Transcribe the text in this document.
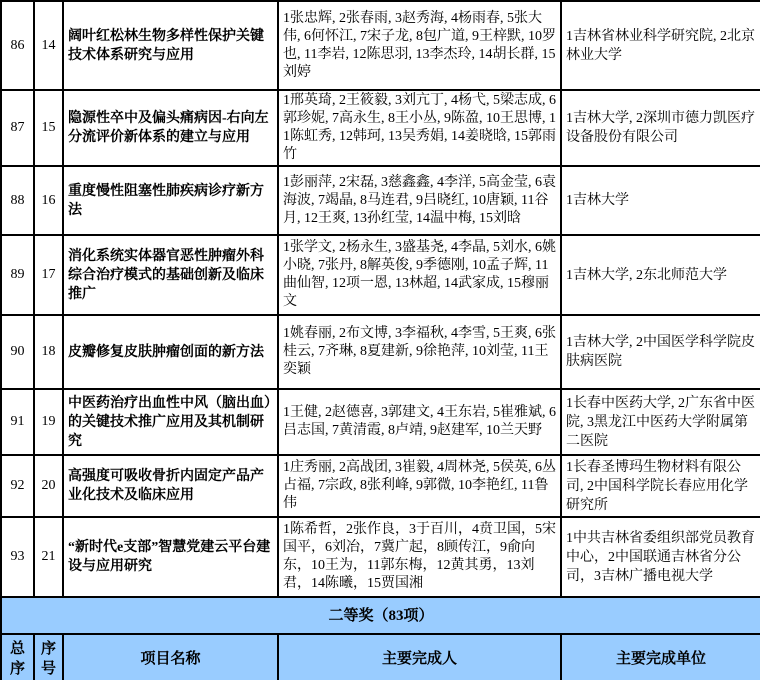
86	14	阔叶红松林生物多样性保护关键技术体系研究与应用	1张忠辉, 2张春雨, 3赵秀海, 4杨雨春, 5张大伟, 6何怀江, 7宋子龙, 8包广道, 9王梓默, 10罗也, 11李岩, 12陈思羽, 13李杰玲, 14胡长群, 15刘婷	1吉林省林业科学研究院, 2北京林业大学
87	15	隐源性卒中及偏头痛病因-右向左分流评价新体系的建立与应用	1邢英琦, 2王筱毅, 3刘亢丁, 4杨弋, 5梁志成, 6郭珍妮, 7高永生, 8王小丛, 9陈盈, 10王思博, 11陈虹秀, 12韩珂, 13吴秀娟, 14姜晓晗, 15郭雨竹	1吉林大学, 2深圳市德力凯医疗设备股份有限公司
88	16	重度慢性阻塞性肺疾病诊疗新方法	1彭丽萍, 2宋磊, 3慈鑫鑫, 4李洋, 5高金莹, 6袁海波, 7竭晶, 8马连君, 9吕晓红, 10唐颖, 11谷月, 12王爽, 13孙红莹, 14温中梅, 15刘晗	1吉林大学
89	17	消化系统实体器官恶性肿瘤外科综合治疗模式的基础创新及临床推广	1张学文, 2杨永生, 3盛基尧, 4李晶, 5刘水, 6姚小晓, 7张丹, 8解英俊, 9季德刚, 10孟子辉, 11曲仙智, 12项一恩, 13林超, 14武家成, 15穆丽文	1吉林大学, 2东北师范大学
90	18	皮瓣修复皮肤肿瘤创面的新方法	1姚春丽, 2布文博, 3李福秋, 4李雪, 5王爽, 6张桂云, 7齐琳, 8夏建新, 9徐艳萍, 10刘莹, 11王奕颖	1吉林大学, 2中国医学科学院皮肤病医院
91	19	中医药治疗出血性中风（脑出血）的关键技术推广应用及其机制研究	1王健, 2赵德喜, 3郭建文, 4王东岩, 5崔雅斌, 6吕志国, 7黄清霞, 8卢靖, 9赵建军, 10兰天野	1长春中医药大学, 2广东省中医院, 3黑龙江中医药大学附属第二医院
92	20	高强度可吸收骨折内固定产品产业化技术及临床应用	1庄秀丽, 2高战团, 3崔毅, 4周林尧, 5侯英, 6丛占福, 7宗政, 8张利峰, 9郭微, 10李艳红, 11鲁伟	1长春圣博玛生物材料有限公司, 2中国科学院长春应用化学研究所
93	21	“新时代e支部”智慧党建云平台建设与应用研究	1陈希哲，2张作良，3于百川，4贲卫国，5宋国平，6刘冶，7冀广起，8顾传江，9俞向东，10王为，11郭东梅，12黄其勇，13刘君，14陈曦，15贾国湘	1中共吉林省委组织部党员教育中心，2中国联通吉林省分公司，3吉林广播电视大学
二等奖（83项）				
总序	序号	项目名称	主要完成人	主要完成单位
